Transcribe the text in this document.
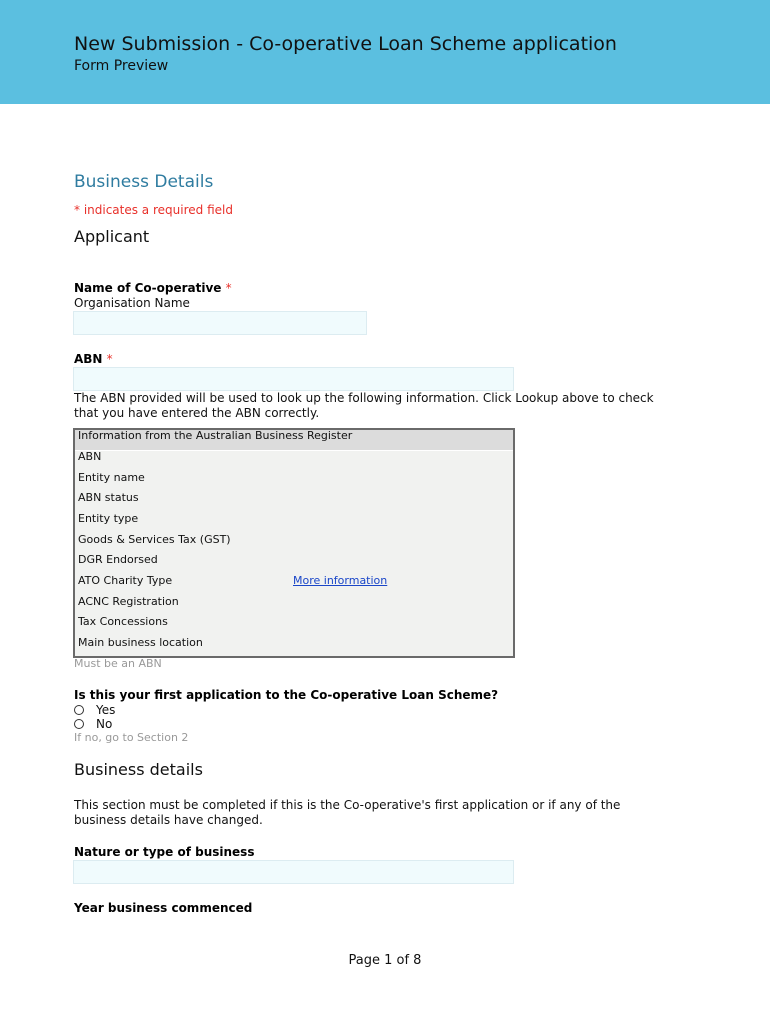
New Submission - Co-operative Loan Scheme application
Form Preview
Business Details
* indicates a required field
Applicant
Name of Co-operative *
Organisation Name
ABN *
The ABN provided will be used to look up the following information. Click Lookup above to check that you have entered the ABN correctly.
Information from the Australian Business Register
ABN
Entity name
ABN status
Entity type
Goods & Services Tax (GST)
DGR Endorsed
ATO Charity Type	More information
ACNC Registration
Tax Concessions
Main business location
Must be an ABN
Is this your first application to the Co-operative Loan Scheme?
Yes
No
If no, go to Section 2
Business details
This section must be completed if this is the Co-operative's first application or if any of the business details have changed.
Nature or type of business
Year business commenced
Page 1 of 8
